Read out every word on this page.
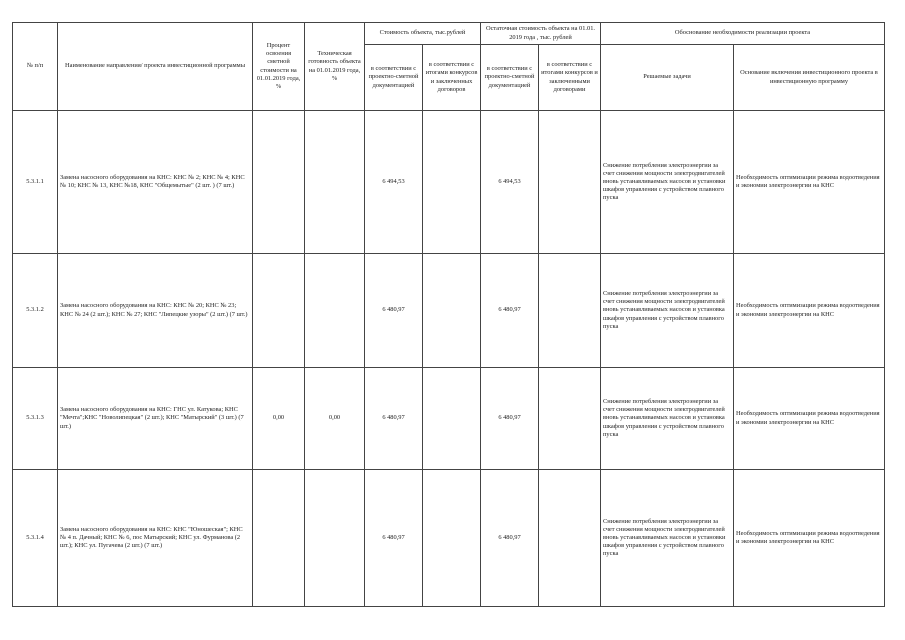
№ п/п	Наименование направления/ проекта инвестиционной программы	Процент освоения сметной стоимости на 01.01.2019 года, %	Техническая готовность объекта на 01.01.2019 года, %	Стоимость объекта, тыс.рублей		Остаточная стоимость объекта на 01.01. 2019 года , тыс. рублей		Обоснование необходимости реализации проекта	
				в соответствии с проектно-сметной документацией	в соответствии с итогами конкурсов и заключенных договоров	в соответствии с проектно-сметной документацией	в соответствии с итогами конкурсов и заключенными договорами	Решаемые задачи	Основание включения инвестиционного проекта в инвестиционную программу
5.3.1.1	Замена насосного оборудования на КНС: КНС № 2; КНС № 4; КНС № 10; КНС № 13, КНС №18, КНС "Общемытые" (2 шт. ) (7 шт.)			6 494,53		6 494,53		Снижение потребления электроэнергии за счет снижения мощности электродвигателей вновь устанавливаемых насосов и установки шкафов управления с устройством плавного пуска	Необходимость оптимизации режима водоотведения и экономии электроэнергии на КНС
5.3.1.2	Замена насосного оборудования на КНС: КНС № 20; КНС № 23; КНС № 24 (2 шт.); КНС № 27; КНС "Липецкие узоры" (2 шт.) (7 шт.)			6 480,97		6 480,97		Снижение потребления электроэнергии за счет снижения мощности электродвигателей вновь устанавливаемых насосов и установка шкафов управления с устройством плавного пуска	Необходимость оптимизации режима водоотведения и экономии электроэнергии на КНС
5.3.1.3	Замена насосного оборудования на КНС: ГНС ул. Катукова; КНС "Мечта";КНС "Новолипецкая" (2 шт.); КНС "Матырский" (3 шт.) (7 шт.)	0,00	0,00	6 480,97		6 480,97		Снижение потребления электроэнергии за счет снижения мощности электродвигателей вновь устанавливаемых насосов и установка шкафов управления с устройством плавного пуска	Необходимость оптимизации режима водоотведения и экономии электроэнергии на КНС
5.3.1.4	Замена насосного оборудования на КНС: КНС "Юношеская"; КНС № 4 п. Дачный; КНС № 6, пос Матырский; КНС ул. Фурманова (2 шт.); КНС ул. Пугачева (2 шт.) (7 шт.)			6 480,97		6 480,97		Снижение потребления электроэнергии за счет снижения мощности электродвигателей вновь устанавливаемых насосов и установки шкафов управления с устройством плавного пуска	Необходимость оптимизации режима водоотведения и экономии электроэнергии на КНС
